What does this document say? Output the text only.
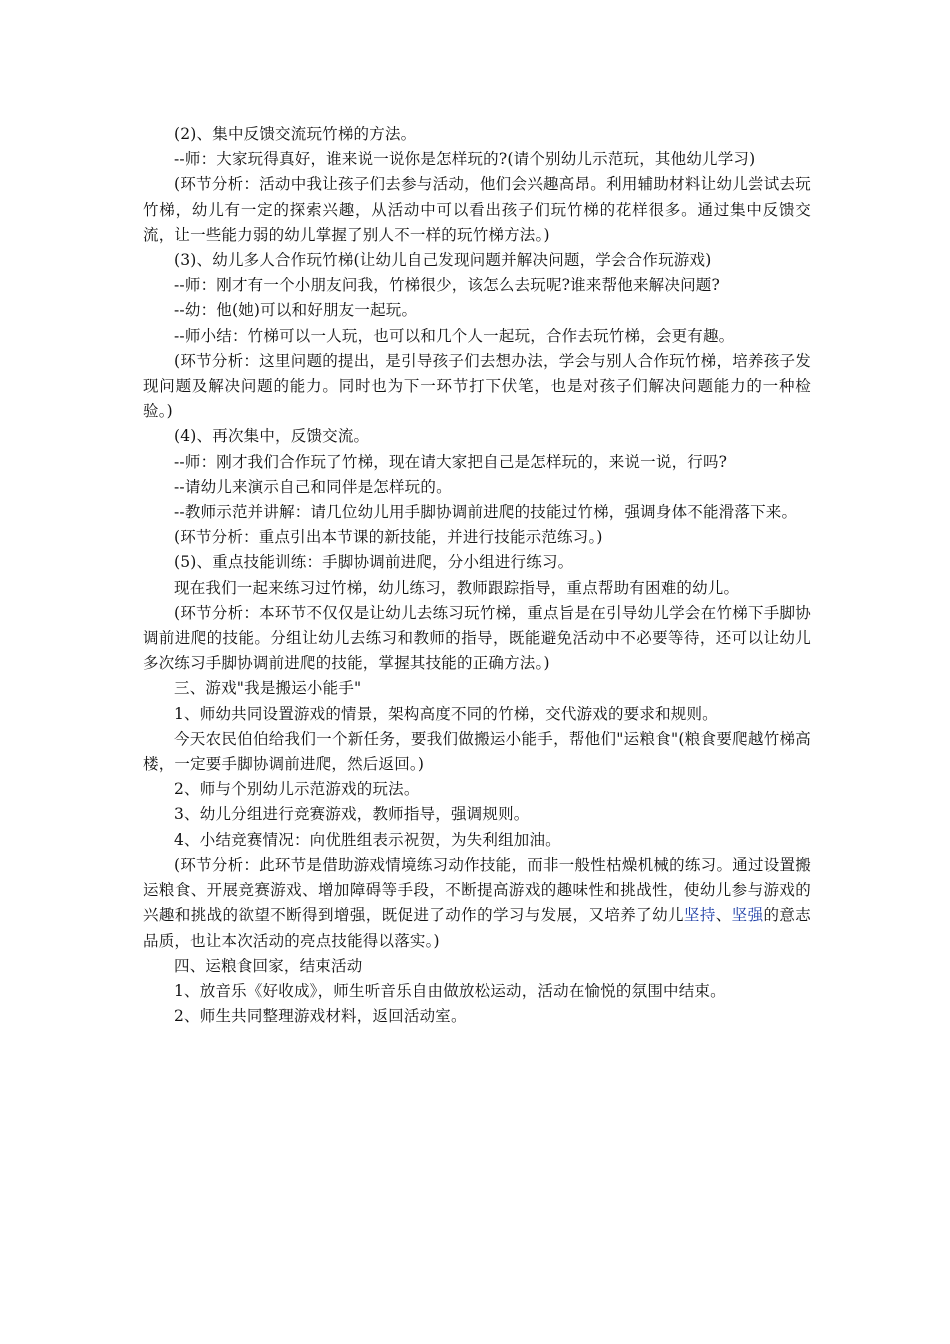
(2)、集中反馈交流玩竹梯的方法。

--师：大家玩得真好，谁来说一说你是怎样玩的?(请个别幼儿示范玩，其他幼儿学习)

(环节分析：活动中我让孩子们去参与活动，他们会兴趣高昂。利用辅助材料让幼儿尝试去玩竹梯，幼儿有一定的探索兴趣，从活动中可以看出孩子们玩竹梯的花样很多。通过集中反馈交流，让一些能力弱的幼儿掌握了别人不一样的玩竹梯方法。)

(3)、幼儿多人合作玩竹梯(让幼儿自己发现问题并解决问题，学会合作玩游戏)

--师：刚才有一个小朋友问我，竹梯很少，该怎么去玩呢?谁来帮他来解决问题?

--幼：他(她)可以和好朋友一起玩。

--师小结：竹梯可以一人玩，也可以和几个人一起玩，合作去玩竹梯，会更有趣。

(环节分析：这里问题的提出，是引导孩子们去想办法，学会与别人合作玩竹梯，培养孩子发现问题及解决问题的能力。同时也为下一环节打下伏笔，也是对孩子们解决问题能力的一种检验。)

(4)、再次集中，反馈交流。

--师：刚才我们合作玩了竹梯，现在请大家把自己是怎样玩的，来说一说，行吗?

--请幼儿来演示自己和同伴是怎样玩的。

--教师示范并讲解：请几位幼儿用手脚协调前进爬的技能过竹梯，强调身体不能滑落下来。

(环节分析：重点引出本节课的新技能，并进行技能示范练习。)

(5)、重点技能训练：手脚协调前进爬，分小组进行练习。

现在我们一起来练习过竹梯，幼儿练习，教师跟踪指导，重点帮助有困难的幼儿。

(环节分析：本环节不仅仅是让幼儿去练习玩竹梯，重点旨是在引导幼儿学会在竹梯下手脚协调前进爬的技能。分组让幼儿去练习和教师的指导，既能避免活动中不必要等待，还可以让幼儿多次练习手脚协调前进爬的技能，掌握其技能的正确方法。)

三、游戏"我是搬运小能手"

1、师幼共同设置游戏的情景，架构高度不同的竹梯，交代游戏的要求和规则。

今天农民伯伯给我们一个新任务，要我们做搬运小能手，帮他们"运粮食"(粮食要爬越竹梯高楼，一定要手脚协调前进爬，然后返回。)

2、师与个别幼儿示范游戏的玩法。

3、幼儿分组进行竞赛游戏，教师指导，强调规则。

4、小结竞赛情况：向优胜组表示祝贺，为失利组加油。

(环节分析：此环节是借助游戏情境练习动作技能，而非一般性枯燥机械的练习。通过设置搬运粮食、开展竞赛游戏、增加障碍等手段，不断提高游戏的趣味性和挑战性，使幼儿参与游戏的兴趣和挑战的欲望不断得到增强，既促进了动作的学习与发展，又培养了幼儿坚持、坚强的意志品质，也让本次活动的亮点技能得以落实。)

四、运粮食回家，结束活动

1、放音乐《好收成》，师生听音乐自由做放松运动，活动在愉悦的氛围中结束。

2、师生共同整理游戏材料，返回活动室。
